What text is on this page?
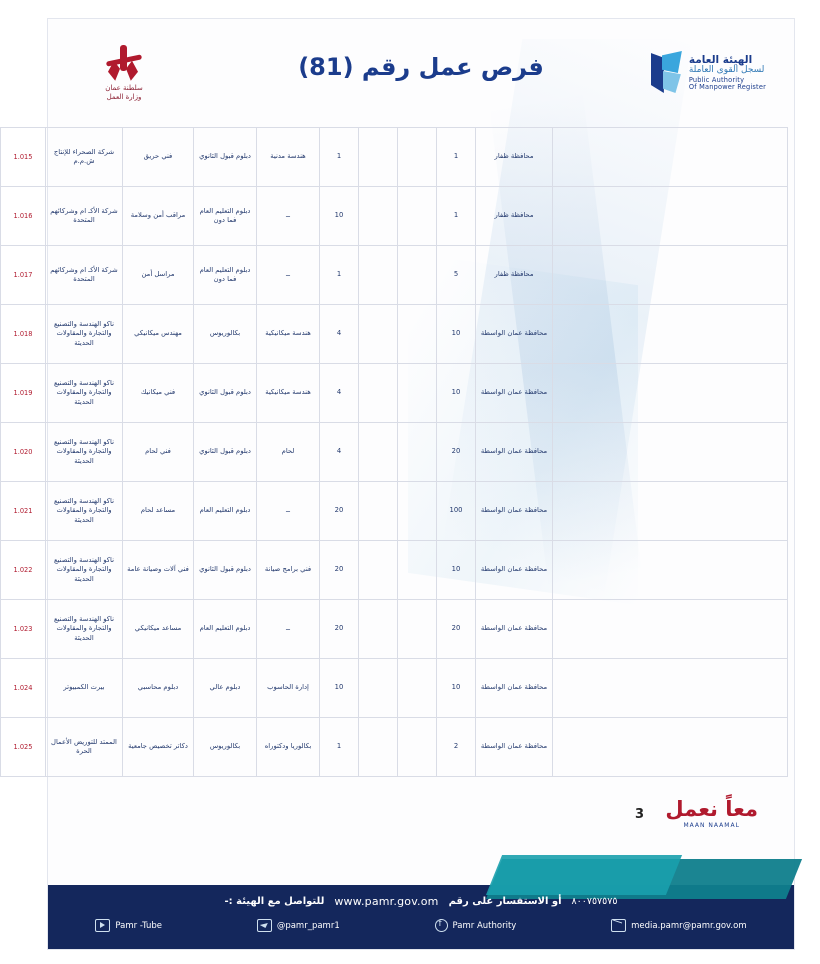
الهيئة العامة
لسجل القوى العاملة
Public Authority
Of Manpower Register
فرص عمل رقم (81)
سلطنة عمان
وزارة العمل
	محافظة ظفار	1			1	هندسة مدنية	دبلوم قبول الثانوي	فني حريق	شركة الصحراء للإنتاج ش.م.م	1.015
	محافظة ظفار	1			10	ــ	دبلوم التعليم العام فما دون	مراقب أمن وسلامة	شركة الأكـ ام وشركائهم المتحدة	1.016
	محافظة ظفار	5			1	ــ	دبلوم التعليم العام فما دون	مراسل أمن	شركة الأكـ ام وشركائهم المتحدة	1.017
	محافظة عمان الواسطة	10			4	هندسة ميكانيكية	بكالوريوس	مهندس ميكانيكي	ناكو الهندسة والتصنيع والتجارة والمقاولات الحديثة	1.018
	محافظة عمان الواسطة	10			4	هندسة ميكانيكية	دبلوم قبول الثانوي	فني ميكانيك	ناكو الهندسة والتصنيع والتجارة والمقاولات الحديثة	1.019
	محافظة عمان الواسطة	20			4	لحام	دبلوم قبول الثانوي	فني لحام	ناكو الهندسة والتصنيع والتجارة والمقاولات الحديثة	1.020
	محافظة عمان الواسطة	100			20	ــ	دبلوم التعليم العام	مساعد لحام	ناكو الهندسة والتصنيع والتجارة والمقاولات الحديثة	1.021
	محافظة عمان الواسطة	10			20	فني برامج صيانة	دبلوم قبول الثانوي	فني آلات وصيانة عامة	ناكو الهندسة والتصنيع والتجارة والمقاولات الحديثة	1.022
	محافظة عمان الواسطة	20			20	ــ	دبلوم التعليم العام	مساعد ميكانيكي	ناكو الهندسة والتصنيع والتجارة والمقاولات الحديثة	1.023
	محافظة عمان الواسطة	10			10	إدارة الحاسوب	دبلوم عالي	دبلوم محاسبي	بيرت الكمبيوتر	1.024
	محافظة عمان الواسطة	2			1	بكالوريا ودكتوراه	بكالوريوس	دكاتر تخصيص جامعية	الممتد للتوريض الأعمال الحرة	1.025
معاً نعمل
MAAN NAAMAL
3
٨٠٠٧٥٧٥٧٥
أو الاستفسار على رقم
www.pamr.gov.om
للتواصل مع الهيئة :-
media.pamr@pamr.gov.om
f
Pamr Authority
@pamr_pamr1
Pamr -Tube
